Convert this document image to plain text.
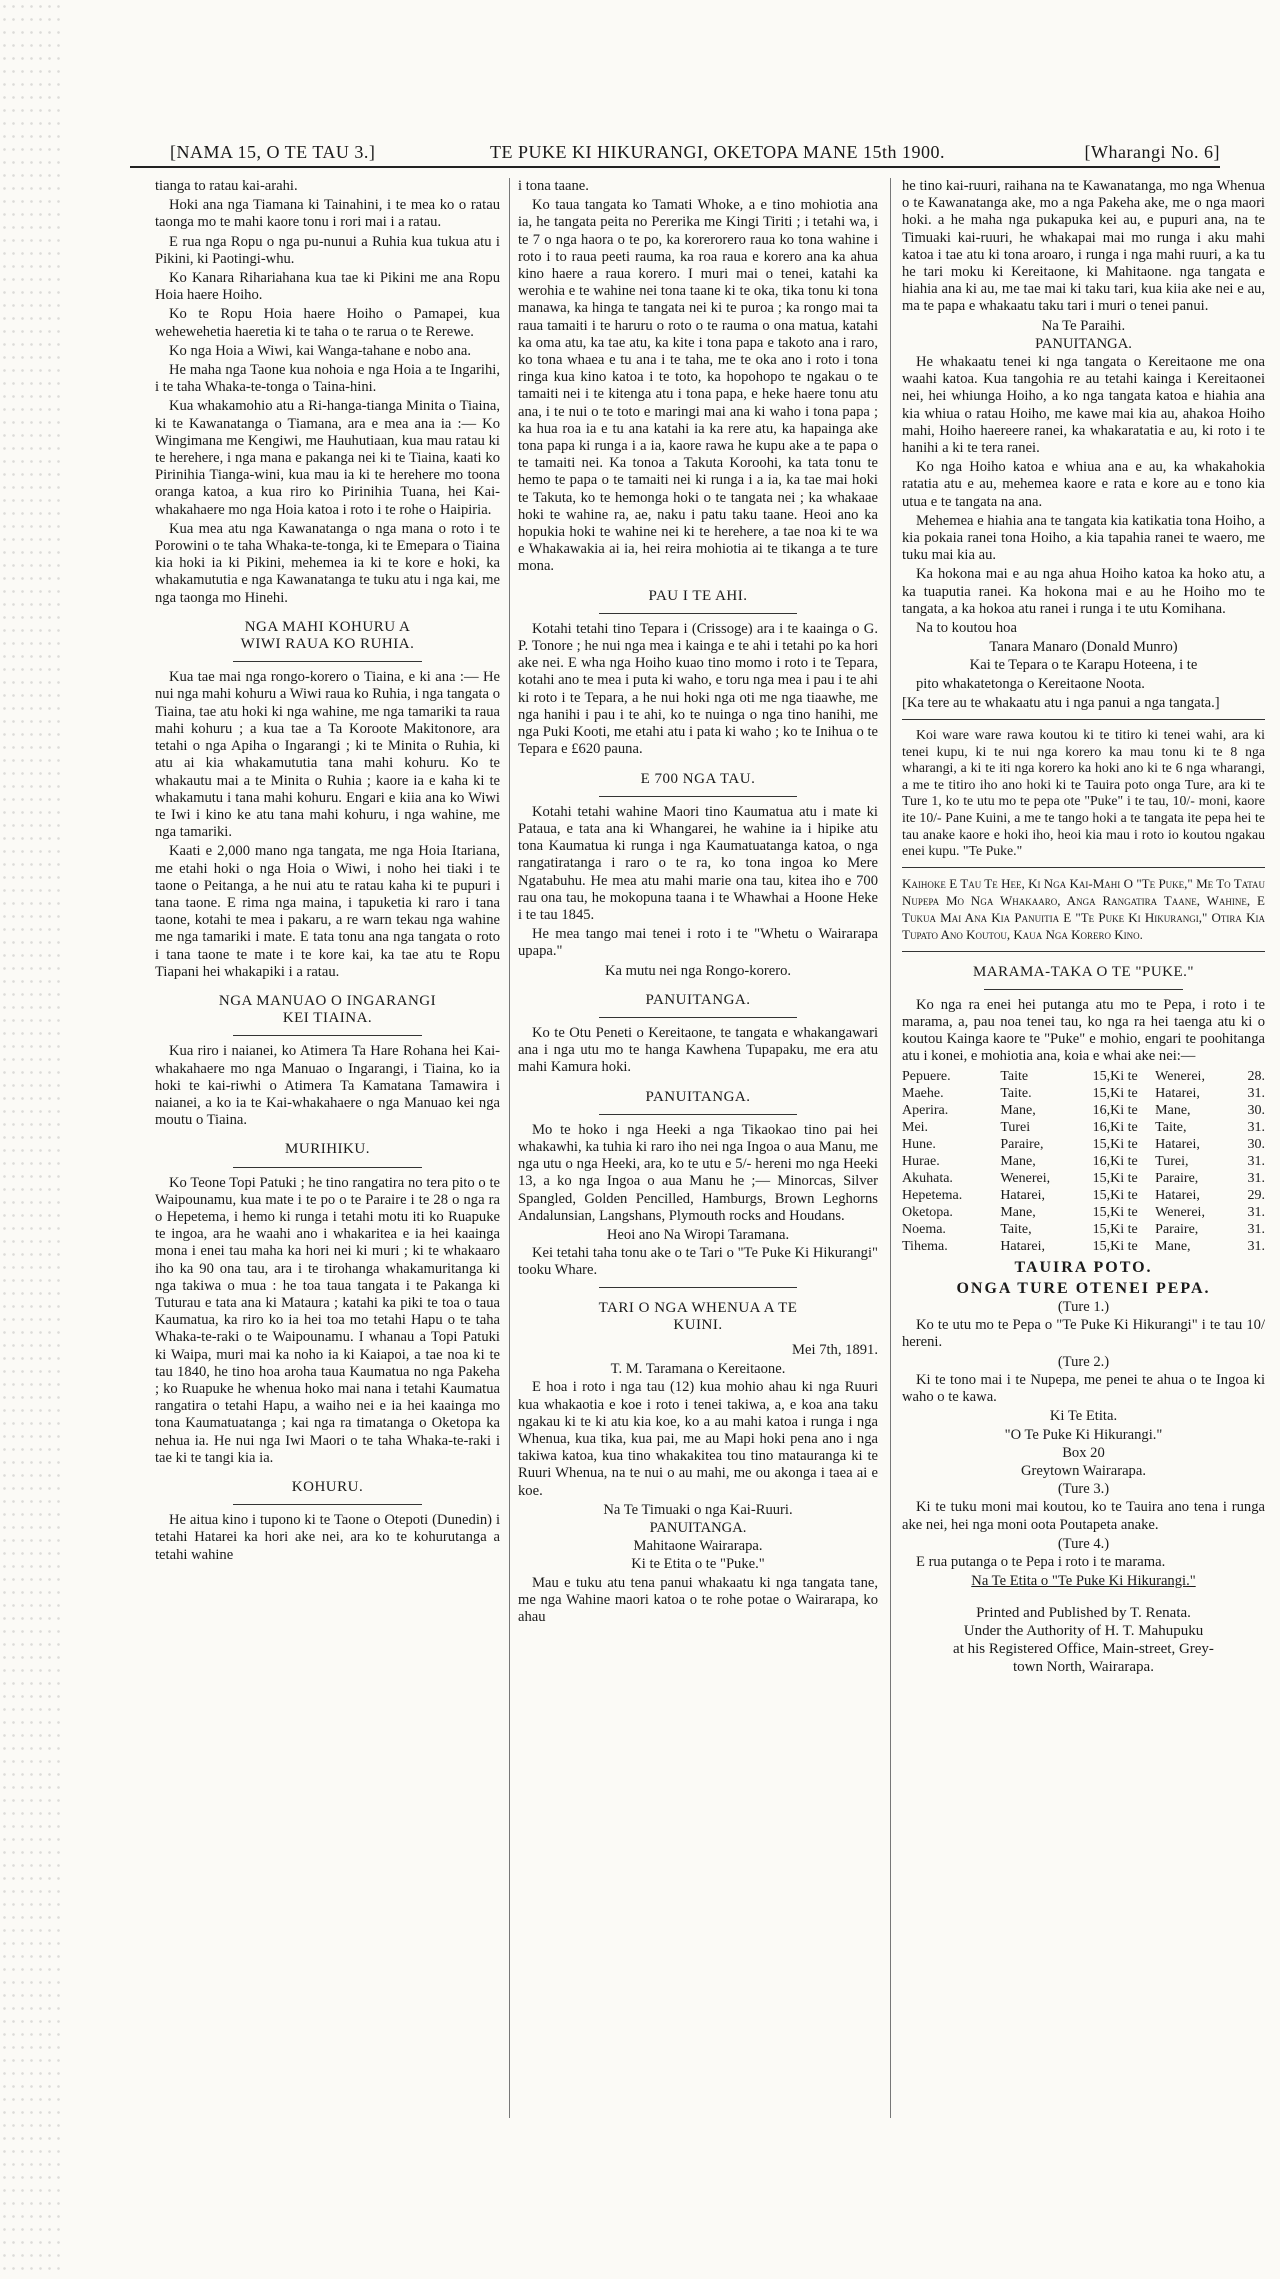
[NAMA 15, O TE TAU 3.]	TE PUKE KI HIKURANGI, OKETOPA MANE 15th 1900.	[Wharangi No. 6]

tianga to ratau kai-arahi.

Hoki ana nga Tiamana ki Tainahini, i te mea ko o ratau taonga mo te mahi kaore tonu i rori mai i a ratau.

E rua nga Ropu o nga pu-nunui a Ruhia kua tukua atu i Pikini, ki Paotingi-whu.

Ko Kanara Rihariahana kua tae ki Pikini me ana Ropu Hoia haere Hoiho.

Ko te Ropu Hoia haere Hoiho o Pamapei, kua wehewehetia haeretia ki te taha o te rarua o te Rerewe.

Ko nga Hoia a Wiwi, kai Wanga-tahane e nobo ana.

He maha nga Taone kua nohoia e nga Hoia a te Ingarihi, i te taha Whaka-te-tonga o Taina-hini.

Kua whakamohio atu a Ri-hanga-tianga Minita o Tiaina, ki te Kawanatanga o Tiamana, ara e mea ana ia :— Ko Wingimana me Kengiwi, me Hauhutiaan, kua mau ratau ki te herehere, i nga mana e pakanga nei ki te Tiaina, kaati ko Pirinihia Tianga-wini, kua mau ia ki te herehere mo toona oranga katoa, a kua riro ko Pirinihia Tuana, hei Kai-whakahaere mo nga Hoia katoa i roto i te rohe o Haipiria.

Kua mea atu nga Kawanatanga o nga mana o roto i te Porowini o te taha Whaka-te-tonga, ki te Emepara o Tiaina kia hoki ia ki Pikini, mehemea ia ki te kore e hoki, ka whakamututia e nga Kawanatanga te tuku atu i nga kai, me nga taonga mo Hinehi.

NGA MAHI KOHURU A
WIWI RAUA KO RUHIA.

Kua tae mai nga rongo-korero o Tiaina, e ki ana :— He nui nga mahi kohuru a Wiwi raua ko Ruhia, i nga tangata o Tiaina, tae atu hoki ki nga wahine, me nga tamariki ta raua mahi kohuru ; a kua tae a Ta Koroote Makitonore, ara tetahi o nga Apiha o Ingarangi ; ki te Minita o Ruhia, ki atu ai kia whakamututia tana mahi kohuru. Ko te whakautu mai a te Minita o Ruhia ; kaore ia e kaha ki te whakamutu i tana mahi kohuru. Engari e kiia ana ko Wiwi te Iwi i kino ke atu tana mahi kohuru, i nga wahine, me nga tamariki.

Kaati e 2,000 mano nga tangata, me nga Hoia Itariana, me etahi hoki o nga Hoia o Wiwi, i noho hei tiaki i te taone o Peitanga, a he nui atu te ratau kaha ki te pupuri i tana taone. E rima nga maina, i tapuketia ki raro i tana taone, kotahi te mea i pakaru, a re warn tekau nga wahine me nga tamariki i mate. E tata tonu ana nga tangata o roto i tana taone te mate i te kore kai, ka tae atu te Ropu Tiapani hei whakapiki i a ratau.

NGA MANUAO O INGARANGI
KEI TIAINA.

Kua riro i naianei, ko Atimera Ta Hare Rohana hei Kai-whakahaere mo nga Manuao o Ingarangi, i Tiaina, ko ia hoki te kai-riwhi o Atimera Ta Kamatana Tamawira i naianei, a ko ia te Kai-whakahaere o nga Manuao kei nga moutu o Tiaina.

MURIHIKU.

Ko Teone Topi Patuki ; he tino rangatira no tera pito o te Waipounamu, kua mate i te po o te Paraire i te 28 o nga ra o Hepetema, i hemo ki runga i tetahi motu iti ko Ruapuke te ingoa, ara he waahi ano i whakaritea e ia hei kaainga mona i enei tau maha ka hori nei ki muri ; ki te whakaaro iho ka 90 ona tau, ara i te tirohanga whakamuritanga ki nga takiwa o mua : he toa taua tangata i te Pakanga ki Tuturau e tata ana ki Mataura ; katahi ka piki te toa o taua Kaumatua, ka riro ko ia hei toa mo tetahi Hapu o te taha Whaka-te-raki o te Waipounamu. I whanau a Topi Patuki ki Waipa, muri mai ka noho ia ki Kaiapoi, a tae noa ki te tau 1840, he tino hoa aroha taua Kaumatua no nga Pakeha ; ko Ruapuke he whenua hoko mai nana i tetahi Kaumatua rangatira o tetahi Hapu, a waiho nei e ia hei kaainga mo tona Kaumatuatanga ; kai nga ra timatanga o Oketopa ka nehua ia. He nui nga Iwi Maori o te taha Whaka-te-raki i tae ki te tangi kia ia.

KOHURU.

He aitua kino i tupono ki te Taone o Otepoti (Dunedin) i tetahi Hatarei ka hori ake nei, ara ko te kohurutanga a tetahi wahine

i tona taane.

Ko taua tangata ko Tamati Whoke, a e tino mohiotia ana ia, he tangata peita no Pererika me Kingi Tiriti ; i tetahi wa, i te 7 o nga haora o te po, ka korerorero raua ko tona wahine i roto i to raua peeti rauma, ka roa raua e korero ana ka ahua kino haere a raua korero. I muri mai o tenei, katahi ka werohia e te wahine nei tona taane ki te oka, tika tonu ki tona manawa, ka hinga te tangata nei ki te puroa ; ka rongo mai ta raua tamaiti i te haruru o roto o te rauma o ona matua, katahi ka oma atu, ka tae atu, ka kite i tona papa e takoto ana i raro, ko tona whaea e tu ana i te taha, me te oka ano i roto i tona ringa kua kino katoa i te toto, ka hopohopo te ngakau o te tamaiti nei i te kitenga atu i tona papa, e heke haere tonu atu ana, i te nui o te toto e maringi mai ana ki waho i tona papa ; ka hua roa ia e tu ana katahi ia ka rere atu, ka hapainga ake tona papa ki runga i a ia, kaore rawa he kupu ake a te papa o te tamaiti nei. Ka tonoa a Takuta Koroohi, ka tata tonu te hemo te papa o te tamaiti nei ki runga i a ia, ka tae mai hoki te Takuta, ko te hemonga hoki o te tangata nei ; ka whakaae hoki te wahine ra, ae, naku i patu taku taane. Heoi ano ka hopukia hoki te wahine nei ki te herehere, a tae noa ki te wa e Whakawakia ai ia, hei reira mohiotia ai te tikanga a te ture mona.

PAU I TE AHI.

Kotahi tetahi tino Tepara i (Crissoge) ara i te kaainga o G. P. Tonore ; he nui nga mea i kainga e te ahi i tetahi po ka hori ake nei. E wha nga Hoiho kuao tino momo i roto i te Tepara, kotahi ano te mea i puta ki waho, e toru nga mea i pau i te ahi ki roto i te Tepara, a he nui hoki nga oti me nga tiaawhe, me nga hanihi i pau i te ahi, ko te nuinga o nga tino hanihi, me nga Puki Kooti, me etahi atu i pata ki waho ; ko te Inihua o te Tepara e £620 pauna.

E 700 NGA TAU.

Kotahi tetahi wahine Maori tino Kaumatua atu i mate ki Pataua, e tata ana ki Whangarei, he wahine ia i hipike atu tona Kaumatua ki runga i nga Kaumatuatanga katoa, o nga rangatiratanga i raro o te ra, ko tona ingoa ko Mere Ngatabuhu. He mea atu mahi marie ona tau, kitea iho e 700 rau ona tau, he mokopuna taana i te Whawhai a Hoone Heke i te tau 1845.

He mea tango mai tenei i roto i te "Whetu o Wairarapa upapa."

Ka mutu nei nga Rongo-korero.

PANUITANGA.

Ko te Otu Peneti o Kereitaone, te tangata e whakangawari ana i nga utu mo te hanga Kawhena Tupapaku, me era atu mahi Kamura hoki.

PANUITANGA.

Mo te hoko i nga Heeki a nga Tikaokao tino pai hei whakawhi, ka tuhia ki raro iho nei nga Ingoa o aua Manu, me nga utu o nga Heeki, ara, ko te utu e 5/- hereni mo nga Heeki 13, a ko nga Ingoa o aua Manu he ;— Minorcas, Silver Spangled, Golden Pencilled, Hamburgs, Brown Leghorns Andalunsian, Langshans, Plymouth rocks and Houdans.

Heoi ano Na Wiropi Taramana.

Kei tetahi taha tonu ake o te Tari o "Te Puke Ki Hikurangi" tooku Whare.

TARI O NGA WHENUA A TE
KUINI.

Mei 7th, 1891.

T. M. Taramana o Kereitaone.

E hoa i roto i nga tau (12) kua mohio ahau ki nga Ruuri kua whakaotia e koe i roto i tenei takiwa, a, e koa ana taku ngakau ki te ki atu kia koe, ko a au mahi katoa i runga i nga Whenua, kua tika, kua pai, me au Mapi hoki pena ano i nga takiwa katoa, kua tino whakakitea tou tino matauranga ki te Ruuri Whenua, na te nui o au mahi, me ou akonga i taea ai e koe.

Na Te Timuaki o nga Kai-Ruuri.

PANUITANGA.

Mahitaone Wairarapa.

Ki te Etita o te "Puke."

Mau e tuku atu tena panui whakaatu ki nga tangata tane, me nga Wahine maori katoa o te rohe potae o Wairarapa, ko ahau

he tino kai-ruuri, raihana na te Kawanatanga, mo nga Whenua o te Kawanatanga ake, mo a nga Pakeha ake, me o nga maori hoki. a he maha nga pukapuka kei au, e pupuri ana, na te Timuaki kai-ruuri, he whakapai mai mo runga i aku mahi katoa i tae atu ki tona aroaro, i runga i nga mahi ruuri, a ka tu he tari moku ki Kereitaone, ki Mahitaone. nga tangata e hiahia ana ki au, me tae mai ki taku tari, kua kiia ake nei e au, ma te papa e whakaatu taku tari i muri o tenei panui.

Na Te Paraihi.

PANUITANGA.

He whakaatu tenei ki nga tangata o Kereitaone me ona waahi katoa. Kua tangohia re au tetahi kainga i Kereitaonei nei, hei whiunga Hoiho, a ko nga tangata katoa e hiahia ana kia whiua o ratau Hoiho, me kawe mai kia au, ahakoa Hoiho mahi, Hoiho haereere ranei, ka whakaratatia e au, ki roto i te hanihi a ki te tera ranei.

Ko nga Hoiho katoa e whiua ana e au, ka whakahokia ratatia atu e au, mehemea kaore e rata e kore au e tono kia utua e te tangata na ana.

Mehemea e hiahia ana te tangata kia katikatia tona Hoiho, a kia pokaia ranei tona Hoiho, a kia tapahia ranei te waero, me tuku mai kia au.

Ka hokona mai e au nga ahua Hoiho katoa ka hoko atu, a ka tuaputia ranei. Ka hokona mai e au he Hoiho mo te tangata, a ka hokoa atu ranei i runga i te utu Komihana.

Na to koutou hoa

Tanara Manaro (Donald Munro)

Kai te Tepara o te Karapu Hoteena, i te

pito whakatetonga o Kereitaone Noota.

[Ka tere au te whakaatu atu i nga panui a nga tangata.]

Koi ware ware rawa koutou ki te titiro ki tenei wahi, ara ki tenei kupu, ki te nui nga korero ka mau tonu ki te 8 nga wharangi, a ki te iti nga korero ka hoki ano ki te 6 nga wharangi, a me te titiro iho ano hoki ki te Tauira poto onga Ture, ara ki te Ture 1, ko te utu mo te pepa ote "Puke" i te tau, 10/- moni, kaore ite 10/- Pane Kuini, a me te tango hoki a te tangata ite pepa hei te tau anake kaore e hoki iho, heoi kia mau i roto io koutou ngakau enei kupu. "Te Puke."

Kaihoke E Tau Te Hee, Ki Nga Kai-Mahi O "Te Puke," Me To Tatau Nupepa Mo Nga Whakaaro, Anga Rangatira Taane, Wahine, E Tukua Mai Ana Kia Panuitia E "Te Puke Ki Hikurangi," Otira Kia Tupato Ano Koutou, Kaua Nga Korero Kino.

MARAMA-TAKA O TE "PUKE."

Ko nga ra enei hei putanga atu mo te Pepa, i roto i te marama, a, pau noa tenei tau, ko nga ra hei taenga atu ki o koutou Kainga kaore te "Puke" e mohio, engari te poohitanga atu i konei, e mohiotia ana, koia e whai ake nei:—

Pepuere.	Taite	15,	Ki te	Wenerei,	28.
Maehe.	Taite.	15,	Ki te	Hatarei,	31.
Aperira.	Mane,	16,	Ki te	Mane,	30.
Mei.	Turei	16,	Ki te	Taite,	31.
Hune.	Paraire,	15,	Ki te	Hatarei,	30.
Hurae.	Mane,	16,	Ki te	Turei,	31.
Akuhata.	Wenerei,	15,	Ki te	Paraire,	31.
Hepetema.	Hatarei,	15,	Ki te	Hatarei,	29.
Oketopa.	Mane,	15,	Ki te	Wenerei,	31.
Noema.	Taite,	15,	Ki te	Paraire,	31.
Tihema.	Hatarei,	15,	Ki te	Mane,	31.
TAUIRA POTO.
ONGA TURE OTENEI PEPA.

(Ture 1.)

Ko te utu mo te Pepa o "Te Puke Ki Hikurangi" i te tau 10/ hereni.

(Ture 2.)

Ki te tono mai i te Nupepa, me penei te ahua o te Ingoa ki waho o te kawa.

Ki Te Etita.

"O Te Puke Ki Hikurangi."

Box 20

Greytown Wairarapa.

(Ture 3.)

Ki te tuku moni mai koutou, ko te Tauira ano tena i runga ake nei, hei nga moni oota Poutapeta anake.

(Ture 4.)

E rua putanga o te Pepa i roto i te marama.

Na Te Etita o "Te Puke Ki Hikurangi."

Printed and Published by T. Renata.
Under the Authority of H. T. Mahupuku
at his Registered Office, Main-street, Grey-
town North, Wairarapa.
